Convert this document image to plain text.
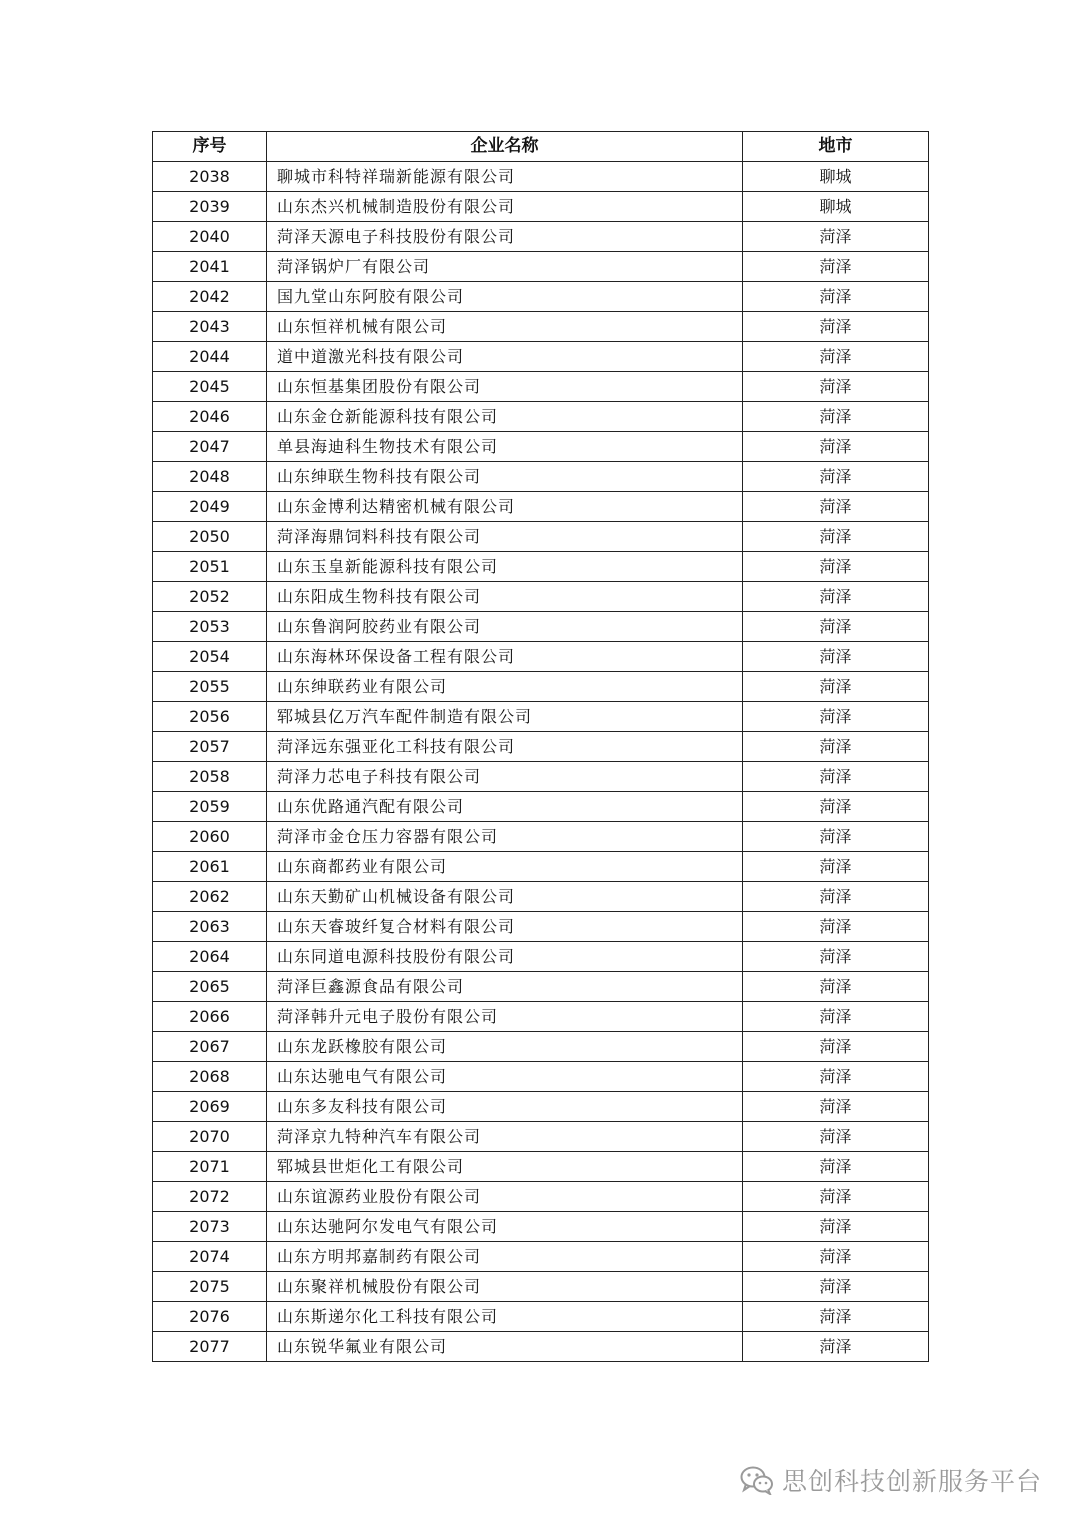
序号	企业名称	地市
2038	聊城市科特祥瑞新能源有限公司	聊城
2039	山东杰兴机械制造股份有限公司	聊城
2040	菏泽天源电子科技股份有限公司	菏泽
2041	菏泽锅炉厂有限公司	菏泽
2042	国九堂山东阿胶有限公司	菏泽
2043	山东恒祥机械有限公司	菏泽
2044	道中道激光科技有限公司	菏泽
2045	山东恒基集团股份有限公司	菏泽
2046	山东金仓新能源科技有限公司	菏泽
2047	单县海迪科生物技术有限公司	菏泽
2048	山东绅联生物科技有限公司	菏泽
2049	山东金博利达精密机械有限公司	菏泽
2050	菏泽海鼎饲料科技有限公司	菏泽
2051	山东玉皇新能源科技有限公司	菏泽
2052	山东阳成生物科技有限公司	菏泽
2053	山东鲁润阿胶药业有限公司	菏泽
2054	山东海林环保设备工程有限公司	菏泽
2055	山东绅联药业有限公司	菏泽
2056	郓城县亿万汽车配件制造有限公司	菏泽
2057	菏泽远东强亚化工科技有限公司	菏泽
2058	菏泽力芯电子科技有限公司	菏泽
2059	山东优路通汽配有限公司	菏泽
2060	菏泽市金仓压力容器有限公司	菏泽
2061	山东商都药业有限公司	菏泽
2062	山东天勤矿山机械设备有限公司	菏泽
2063	山东天睿玻纤复合材料有限公司	菏泽
2064	山东同道电源科技股份有限公司	菏泽
2065	菏泽巨鑫源食品有限公司	菏泽
2066	菏泽韩升元电子股份有限公司	菏泽
2067	山东龙跃橡胶有限公司	菏泽
2068	山东达驰电气有限公司	菏泽
2069	山东多友科技有限公司	菏泽
2070	菏泽京九特种汽车有限公司	菏泽
2071	郓城县世炬化工有限公司	菏泽
2072	山东谊源药业股份有限公司	菏泽
2073	山东达驰阿尔发电气有限公司	菏泽
2074	山东方明邦嘉制药有限公司	菏泽
2075	山东聚祥机械股份有限公司	菏泽
2076	山东斯递尔化工科技有限公司	菏泽
2077	山东锐华氟业有限公司	菏泽
思创科技创新服务平台
